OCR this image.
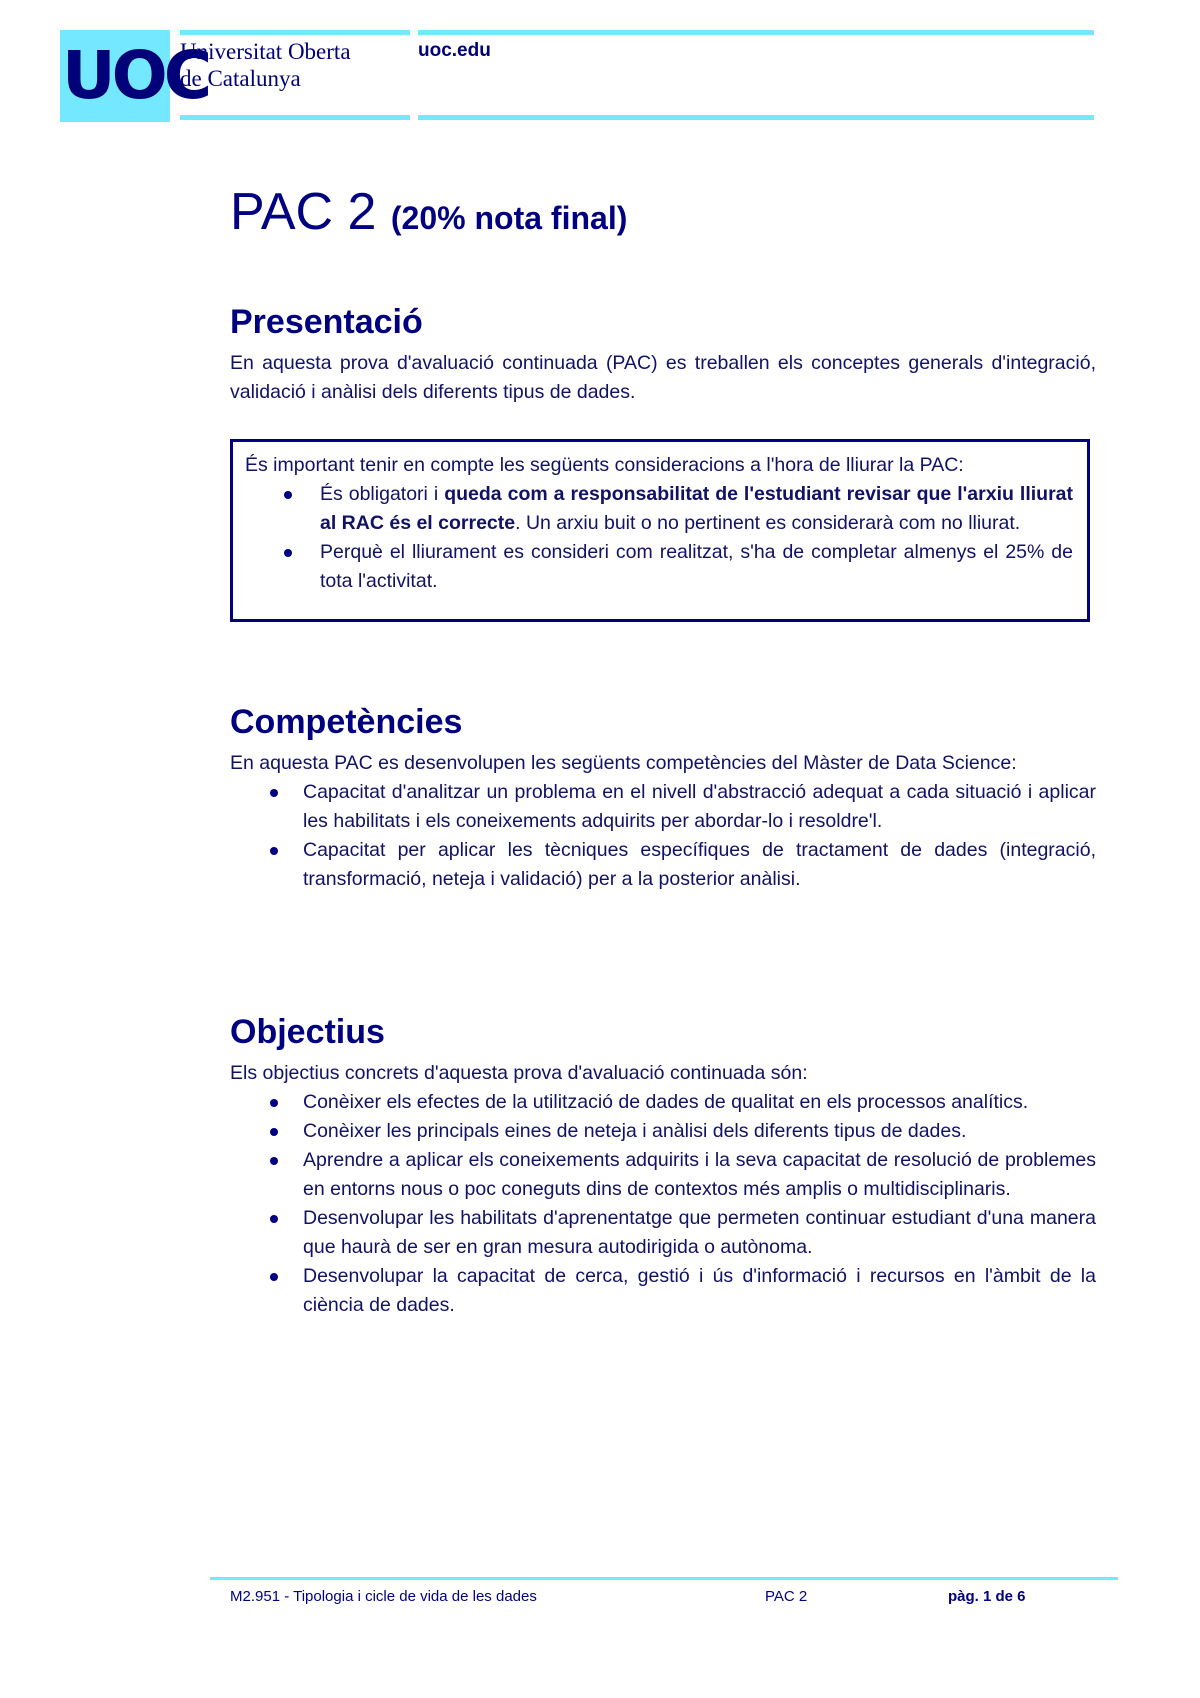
UOC
Universitat Oberta
de Catalunya
uoc.edu
PAC 2 (20% nota final)
Presentació

En aquesta prova d'avaluació continuada (PAC) es treballen els conceptes generals d'integració, validació i anàlisi dels diferents tipus de dades.

És important tenir en compte les següents consideracions a l'hora de lliurar la PAC:

És obligatori i queda com a responsabilitat de l'estudiant revisar que l'arxiu lliurat al RAC és el correcte. Un arxiu buit o no pertinent es considerarà com no lliurat.
Perquè el lliurament es consideri com realitzat, s'ha de completar almenys el 25% de tota l'activitat.
Competències

En aquesta PAC es desenvolupen les següents competències del Màster de Data Science:

Capacitat d'analitzar un problema en el nivell d'abstracció adequat a cada situació i aplicar les habilitats i els coneixements adquirits per abordar-lo i resoldre'l.
Capacitat per aplicar les tècniques específiques de tractament de dades (integració, transformació, neteja i validació) per a la posterior anàlisi.
Objectius

Els objectius concrets d'aquesta prova d'avaluació continuada són:

Conèixer els efectes de la utilització de dades de qualitat en els processos analítics.
Conèixer les principals eines de neteja i anàlisi dels diferents tipus de dades.
Aprendre a aplicar els coneixements adquirits i la seva capacitat de resolució de problemes en entorns nous o poc coneguts dins de contextos més amplis o multidisciplinaris.
Desenvolupar les habilitats d'aprenentatge que permeten continuar estudiant d'una manera que haurà de ser en gran mesura autodirigida o autònoma.
Desenvolupar la capacitat de cerca, gestió i ús d'informació i recursos en l'àmbit de la ciència de dades.
M2.951 - Tipologia i cicle de vida de les dades	PAC 2	pàg. 1 de 6
